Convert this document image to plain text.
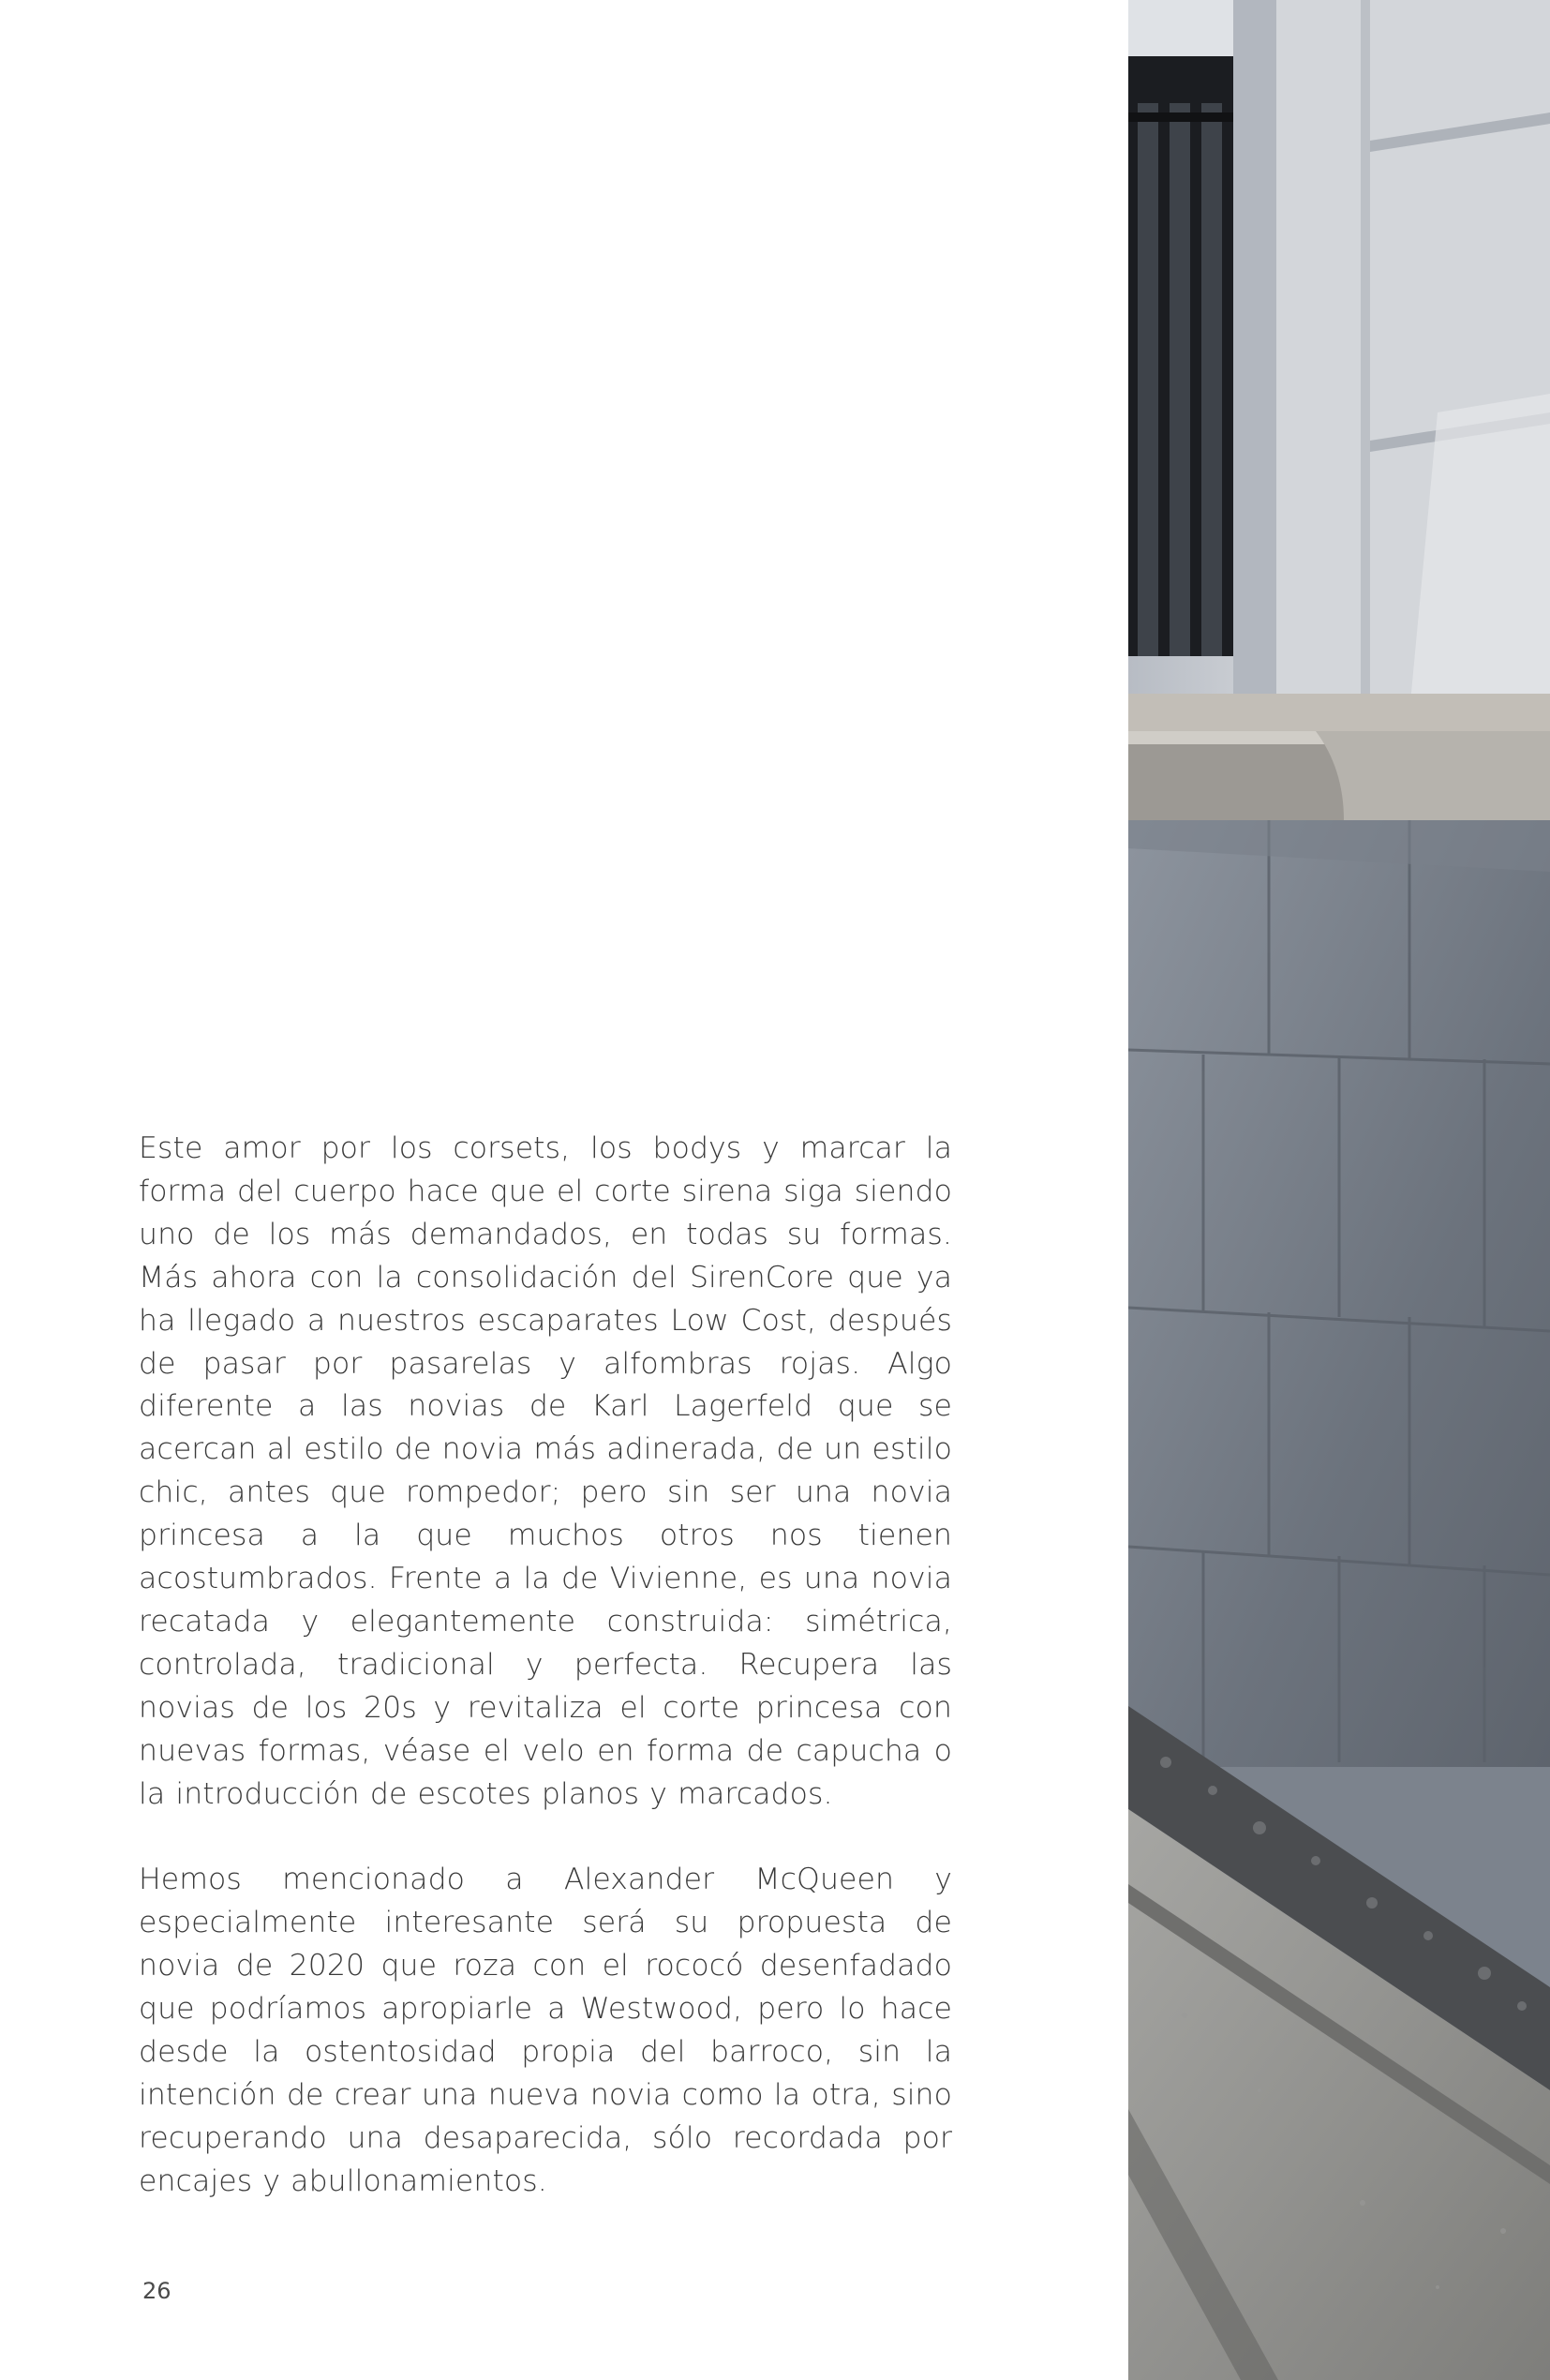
Este amor por los corsets, los bodys y marcar la forma del cuerpo hace que el corte sirena siga siendo uno de los más demandados, en todas su formas. Más ahora con la consolidación del SirenCore que ya ha llegado a nuestros escaparates Low Cost, después de pasar por pasarelas y alfombras rojas. Algo diferente a las novias de Karl Lagerfeld que se acercan al estilo de novia más adinerada, de un estilo chic, antes que rompedor; pero sin ser una novia princesa a la que muchos otros nos tienen acostumbrados. Frente a la de Vivienne, es una novia recatada y elegantemente construida: simétrica, controlada, tradicional y perfecta. Recupera las novias de los 20s y revitaliza el corte princesa con nuevas formas, véase el velo en forma de capucha o la introducción de escotes planos y marcados.

Hemos mencionado a Alexander McQueen y especialmente interesante será su propuesta de novia de 2020 que roza con el rococó desenfadado que podríamos apropiarle a Westwood, pero lo hace desde la ostentosidad propia del barroco, sin la intención de crear una nueva novia como la otra, sino recuperando una desaparecida, sólo recordada por encajes y abullonamientos.

26
